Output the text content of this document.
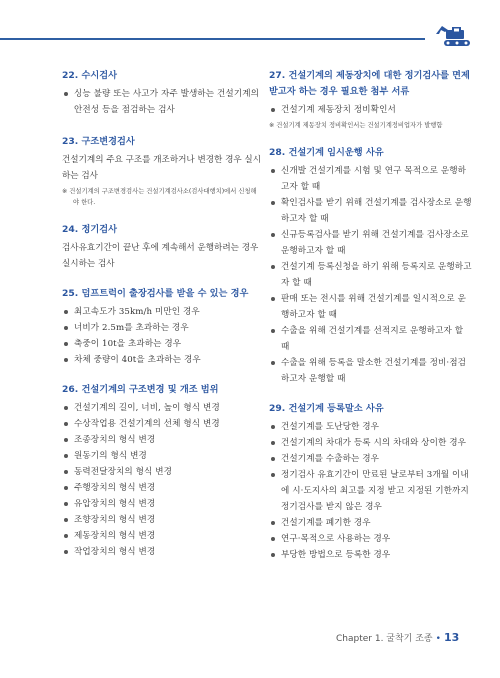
22. 수시검사

싱능 불량 또는 사고가 자주 발생하는 건설기계의 안전성 등을 점검하는 검사

23. 구조변경검사

건설기계의 주요 구조를 개조하거나 변경한 경우 실시하는 검사

※ 건설기계의 구조변경검사는 건설기계검사소(검사대행치)에서 신청해야 한다.

24. 정기검사

검사유효기간이 끝난 후에 계속해서 운행하려는 경우 실시하는 검사

25. 덤프트럭이 출장검사를 받을 수 있는 경우

최고속도가 35km/h 미만인 경우
너비가 2.5m를 초과하는 경우
축중이 10t을 초과하는 경우
차체 중량이 40t을 초과하는 경우

26. 건설기계의 구조변경 및 개조 범위

건설기계의 길이, 너비, 높이 형식 변경
수상작업용 건설기계의 선체 형식 변경
조종장치의 형식 변경
원동기의 형식 변경
동력전달장치의 형식 변경
주행장치의 형식 변경
유압장치의 형식 변경
조향장치의 형식 변경
제동장치의 형식 변경
작업장치의 형식 변경

27. 건설기계의 제동장치에 대한 정기검사를 면제 받고자 하는 경우 필요한 첨부 서류

건설기계 제동장치 정비확인서

※ 건설기계 제동장치 정비확인서는 건설기계정비업자가 발행함

28. 건설기계 임시운행 사유

신개발 건설기계를 시험 및 연구 목적으로 운행하고자 할 때
확인검사를 받기 위해 건설기계를 검사장소로 운행하고자 할 때
신규등록검사를 받기 위해 건설기계를 검사장소로 운행하고자 할 때
건설기계 등록신청을 하기 위해 등록지로 운행하고자 할 때
판매 또는 전시를 위해 건설기계를 일시적으로 운행하고자 할 때
수출을 위해 건설기계를 선적지로 운행하고자 할 때
수출을 위해 등록을 말소한 건설기계를 정비·점검하고자 운행할 때

29. 건설기계 등록말소 사유

건설기계를 도난당한 경우
건설기계의 차대가 등록 시의 차대와 상이한 경우
건설기계를 수출하는 경우
정기검사 유효기간이 만료된 날로부터 3개월 이내에 시·도지사의 최고를 지정 받고 지정된 기한까지 정기검사를 받지 않은 경우
건설기계를 폐기한 경우
연구·목적으로 사용하는 경우
부당한 방법으로 등록한 경우
Chapter 1. 굴착기 조종 • 13
